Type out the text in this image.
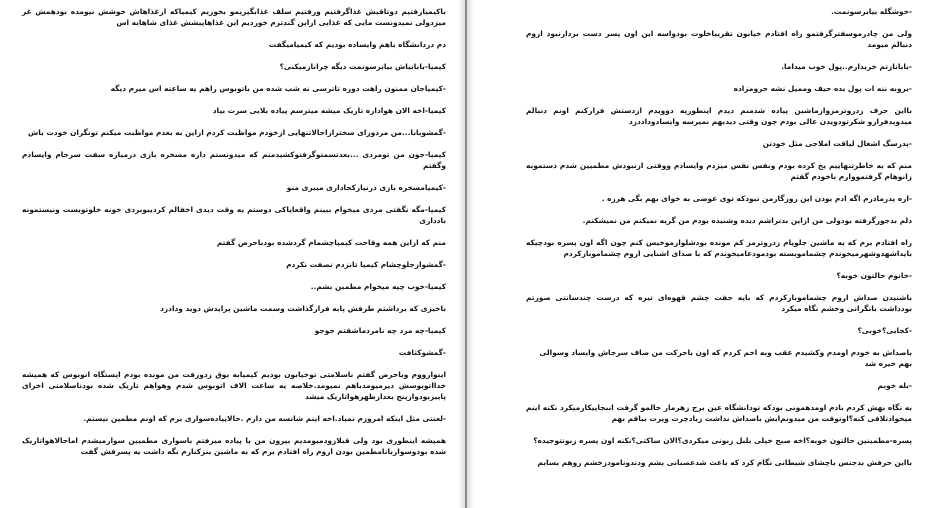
باکیمیارفتیم دوتاقیش غذاگرفتیم ورفتیم سلف غذابگیریمو بخوریم کیمیاکه ازغذاهاش خوشش نیومده بودهمش غر میزدولی نمیدونست مایی که غذایی ازاین گندترم خوردیم این غذاهاپیشش غذای شاهانه اس

دم دردانشگاه باهم وایساده بودیم که کیمیامیگفت

کیمیا-باباتیاش بیابرسونمت دیگه چرانازمیکنی؟

-کیمیاجان ممنون راهت دوره تاترسی نه شب شده من باتوبوس راهم یه ساعته اس میرم دیگه

کیمیا-اخه الان هواداره تاریک میشه میترسم پیاده بلایی سرت بیاد

-گمشوبابا...من مردوزای سخترازاحالاتنهایی ازخودم مواظبت کردم ازاین به بعدم مواظبت میکنم تونگران خودت باش

کیمیا-جون من تومردی ...بعدتسمتوگرفتوکشیدمنم که میدونستم داره مسخره بازی درمیاره سفت سرجام وایسادم وگفتم

-کیمیامسخره بازی درنیارکجاداری میبری منو

کیمیا-مگه نگفتی مردی میخوام ببینم واقعایاکی دوستم یه وقت دیدی اخفالم کردیبوبردی خونه خلوتوبست ونیستمونه بادداری

منم که ازاین همه وقاحت کیمیاچشمام گردشده بودباحرص گفتم

-گمشوازجلوچشام کیمیا تانزدم نصفت نکردم

کیمیا-خوب چیه میخوام مطمین بشم..

باخیزی که برداشتم طرفش پابه فرارگذاشت وسمت ماشین پرایدش دوید ودادزد

کیمیا-چه مرد چه نامردماشقتم جوجو

-گمشوکثافت

اینوارووم وباحرص گفتم ناسلامتی توخیابون بودیم کیمیابه بوق زدورفت من مونده بودم ایستگاه اتوبوس که همیشه خدااتوبوسش دیرمیومدباهم نمیومد.خلاصه یه ساعت الاف اتوبوس شدم وهواهم تاریک شده بودناسلامتی اخرای پاییزبودوازپنج بعدازظهرهواتاریک میشد

-لعنتی مثل اینکه امروزم نمیاد.اخه اینم شانسه من دارم .حالاپیاده‌سواری برم که اونم مطمین نیستم.

همیشه اینطوری بود ولی قبلازودمیومدیم بیرون من با پیاده میرفتم باسواری مطمیین سوارمیشدم اماحالاهواتاریک شده بودوسواربانامطمین بودن اروم راه افتادم برم که به ماشین بنزکنارم نگه داشت یه پسرفش گفت

-خوشگله بیابرسونمت.

ولی من چادرموسفترگرفتمو راه افتادم خیابون تقریباخلوت بودواسه این اون پسر دست بردارنبود اروم دنبالم میومد

-بابانازتم خریدارم..پول خوب میداما.

-بروبه ننه ات پول بده حیف وممیل نشه حرومزاده

بااین حرف زدروترمزوازماشین پیاده شدمنم دیدم اینطوریه دوویدم ازدستش فرارکنم اونم دنبالم میدویدفرارو شکرتودویدن عالی بودم چون وقتی دیدبهم نمیرسه وایسادوداددزد

-پدرسگ اشغال لیاقت املاجی مثل خودتن

منم که به خاطرتنهاییم یخ کرده بودم ونفس نفس میزدم وایسادم ووقتی ازنبودش مطمیین شدم دستموبه زانوهام گرفتمووارم باخودم گفتم

-اره پدرمادرم اگه ادم بودن این روزگارمن نبودکه توی عوضی به خوای بهم بگی هرزه .

دلم بدجورگرفته بودولی من ازاین بدتراشم دیده وشنیده بودم من گریه نمیکنم من نمیشکنم.

راه افتادم برم که به ماشین جلوپام زدروترمز کم مونده بودشلوارموخیس کنم چون اگه اون پسره بودچیکه بایداشهدوشهرمیخوندم چشماموبسته بودمودعامیخوندم که با صدای اشنایی اروم چشماموبازکردم

-خانوم حالتون خوبه؟

باشنیدن صداش اروم چشماموبازکردم که بایه جفت چشم قهوه‌ای تیره که درست چندسانتی صورتم بودداشت بانگرانی وخشم نگاه میکرد

-کجایی؟خوبی؟

باصداش به خودم اومدم وکشیدم عقب وبه اخم کردم که اون باحرکت من صاف سرجاش وایساد وسوالی بهم خیره شد

-بله خوبم

به نگاه بهش کردم بادم اومدهمونی بودکه تودانشگاه عین برج زهرمار حالمو گرفت انبجاپیکارمیکرد نکنه اینم میخوادتلافی کنه؟اوتوقت من میدونم‌ایش باصداش نداشت زیادچرت وپرت بباقم بهم

پسره-مطمینین حالتون خوبه؟اخه صبح خیلی بلبل زبونی میکردی؟الان ساکتی؟نکنه اون پسره زبونتوجیده؟

بااین حرفش بدجنس باچشای شیطانی نگام کرد که باعث شدعصبانی بشم ودندونامودزخشم روهم بسابم
